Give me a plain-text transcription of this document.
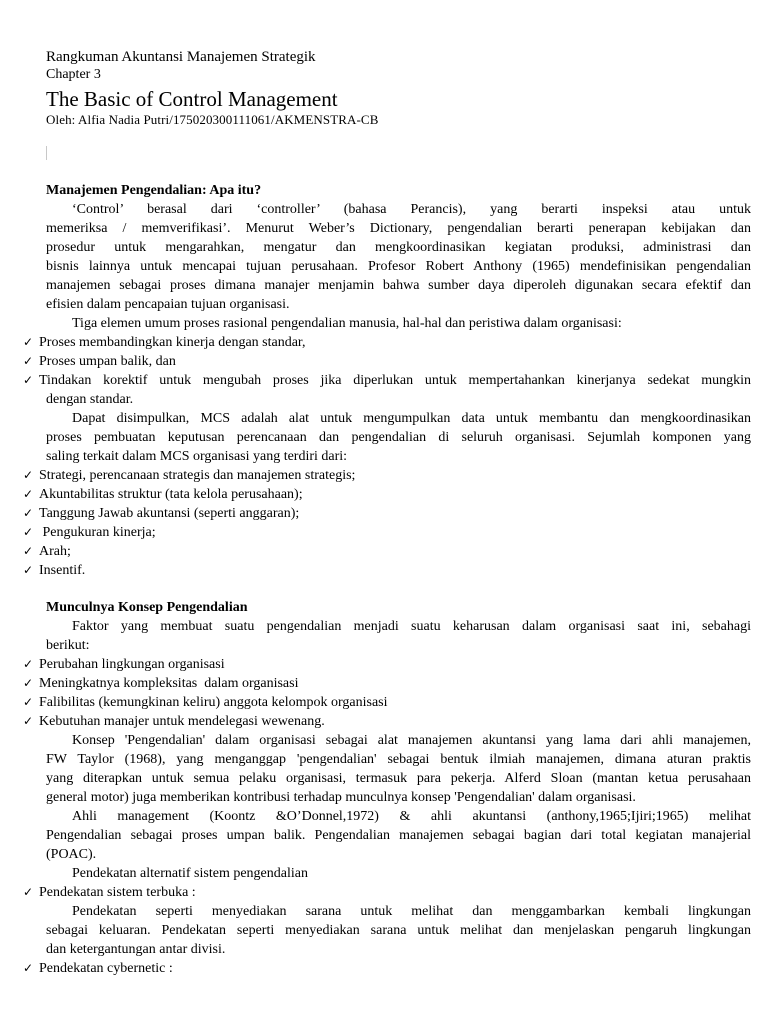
Rangkuman Akuntansi Manajemen Strategik
Chapter 3
The Basic of Control Management
Oleh: Alfia Nadia Putri/175020300111061/AKMENSTRA-CB
Manajemen Pengendalian: Apa itu?
‘Control’ berasal dari ‘controller’ (bahasa Perancis), yang berarti inspeksi atau untuk
memeriksa / memverifikasi’. Menurut Weber’s Dictionary, pengendalian berarti penerapan kebijakan dan
prosedur untuk mengarahkan, mengatur dan mengkoordinasikan kegiatan produksi, administrasi dan
bisnis lainnya untuk mencapai tujuan perusahaan. Profesor Robert Anthony (1965) mendefinisikan pengendalian
manajemen sebagai proses dimana manajer menjamin bahwa sumber daya diperoleh digunakan secara efektif dan
efisien dalam pencapaian tujuan organisasi.
Tiga elemen umum proses rasional pengendalian manusia, hal-hal dan peristiwa dalam organisasi:
✓ Proses membandingkan kinerja dengan standar,
✓ Proses umpan balik, dan
✓ Tindakan korektif untuk mengubah proses jika diperlukan untuk mempertahankan kinerjanya sedekat mungkin
dengan standar.
Dapat disimpulkan, MCS adalah alat untuk mengumpulkan data untuk membantu dan mengkoordinasikan
proses pembuatan keputusan perencanaan dan pengendalian di seluruh organisasi. Sejumlah komponen yang
saling terkait dalam MCS organisasi yang terdiri dari:
✓ Strategi, perencanaan strategis dan manajemen strategis;
✓ Akuntabilitas struktur (tata kelola perusahaan);
✓ Tanggung Jawab akuntansi (seperti anggaran);
✓ Pengukuran kinerja;
✓ Arah;
✓ Insentif.
Munculnya Konsep Pengendalian
Faktor yang membuat suatu pengendalian menjadi suatu keharusan dalam organisasi saat ini, sebahagi
berikut:
✓ Perubahan lingkungan organisasi
✓ Meningkatnya kompleksitas  dalam organisasi
✓ Falibilitas (kemungkinan keliru) anggota kelompok organisasi
✓ Kebutuhan manajer untuk mendelegasi wewenang.
Konsep 'Pengendalian' dalam organisasi sebagai alat manajemen akuntansi yang lama dari ahli manajemen,
FW Taylor (1968), yang menganggap 'pengendalian' sebagai bentuk ilmiah manajemen, dimana aturan praktis
yang diterapkan untuk semua pelaku organisasi, termasuk para pekerja. Alferd Sloan (mantan ketua perusahaan
general motor) juga memberikan kontribusi terhadap munculnya konsep 'Pengendalian' dalam organisasi.
Ahli management (Koontz &O’Donnel,1972) & ahli akuntansi (anthony,1965;Ijiri;1965) melihat
Pengendalian sebagai proses umpan balik. Pengendalian manajemen sebagai bagian dari total kegiatan manajerial
(POAC).
Pendekatan alternatif sistem pengendalian
✓ Pendekatan sistem terbuka :
Pendekatan seperti menyediakan sarana untuk melihat dan menggambarkan kembali lingkungan
sebagai keluaran. Pendekatan seperti menyediakan sarana untuk melihat dan menjelaskan pengaruh lingkungan
dan ketergantungan antar divisi.
✓ Pendekatan cybernetic :
